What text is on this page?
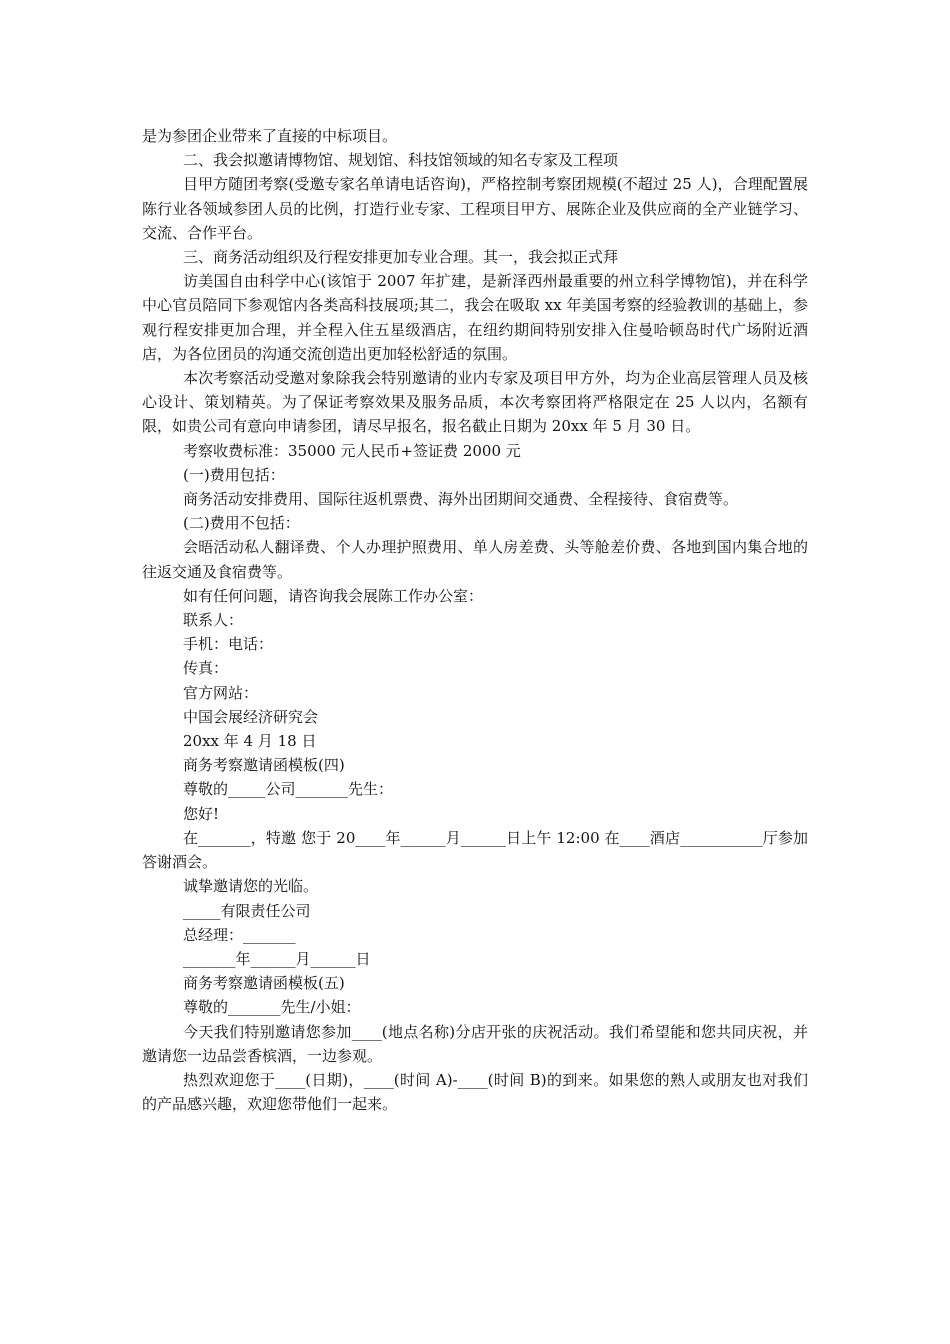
是为参团企业带来了直接的中标项目。

二、我会拟邀请博物馆、规划馆、科技馆领域的知名专家及工程项

目甲方随团考察(受邀专家名单请电话咨询)，严格控制考察团规模(不超过 25 人)，合理配置展陈行业各领域参团人员的比例，打造行业专家、工程项目甲方、展陈企业及供应商的全产业链学习、交流、合作平台。

三、商务活动组织及行程安排更加专业合理。其一，我会拟正式拜

访美国自由科学中心(该馆于 2007 年扩建，是新泽西州最重要的州立科学博物馆)，并在科学中心官员陪同下参观馆内各类高科技展项;其二，我会在吸取 xx 年美国考察的经验教训的基础上，参观行程安排更加合理，并全程入住五星级酒店，在纽约期间特别安排入住曼哈顿岛时代广场附近酒店，为各位团员的沟通交流创造出更加轻松舒适的氛围。

本次考察活动受邀对象除我会特别邀请的业内专家及项目甲方外，均为企业高层管理人员及核心设计、策划精英。为了保证考察效果及服务品质，本次考察团将严格限定在 25 人以内，名额有限，如贵公司有意向申请参团，请尽早报名，报名截止日期为 20xx 年 5 月 30 日。

考察收费标准：35000 元人民币+签证费 2000 元

(一)费用包括：

商务活动安排费用、国际往返机票费、海外出团期间交通费、全程接待、食宿费等。

(二)费用不包括：

会晤活动私人翻译费、个人办理护照费用、单人房差费、头等舱差价费、各地到国内集合地的往返交通及食宿费等。

如有任何问题，请咨询我会展陈工作办公室：

联系人：

手机：电话：

传真：

官方网站：

中国会展经济研究会

20xx 年 4 月 18 日

商务考察邀请函模板(四)

尊敬的_____公司_______先生：

您好!

在_______，特邀 您于 20____年______月______日上午 12:00 在____酒店___________厅参加答谢酒会。

诚挚邀请您的光临。

_____有限责任公司

总经理：_______

_______年______月______日

商务考察邀请函模板(五)

尊敬的_______先生/小姐：

今天我们特别邀请您参加____(地点名称)分店开张的庆祝活动。我们希望能和您共同庆祝，并邀请您一边品尝香槟酒，一边参观。

热烈欢迎您于____(日期)，____(时间 A)-____(时间 B)的到来。如果您的熟人或朋友也对我们的产品感兴趣，欢迎您带他们一起来。
